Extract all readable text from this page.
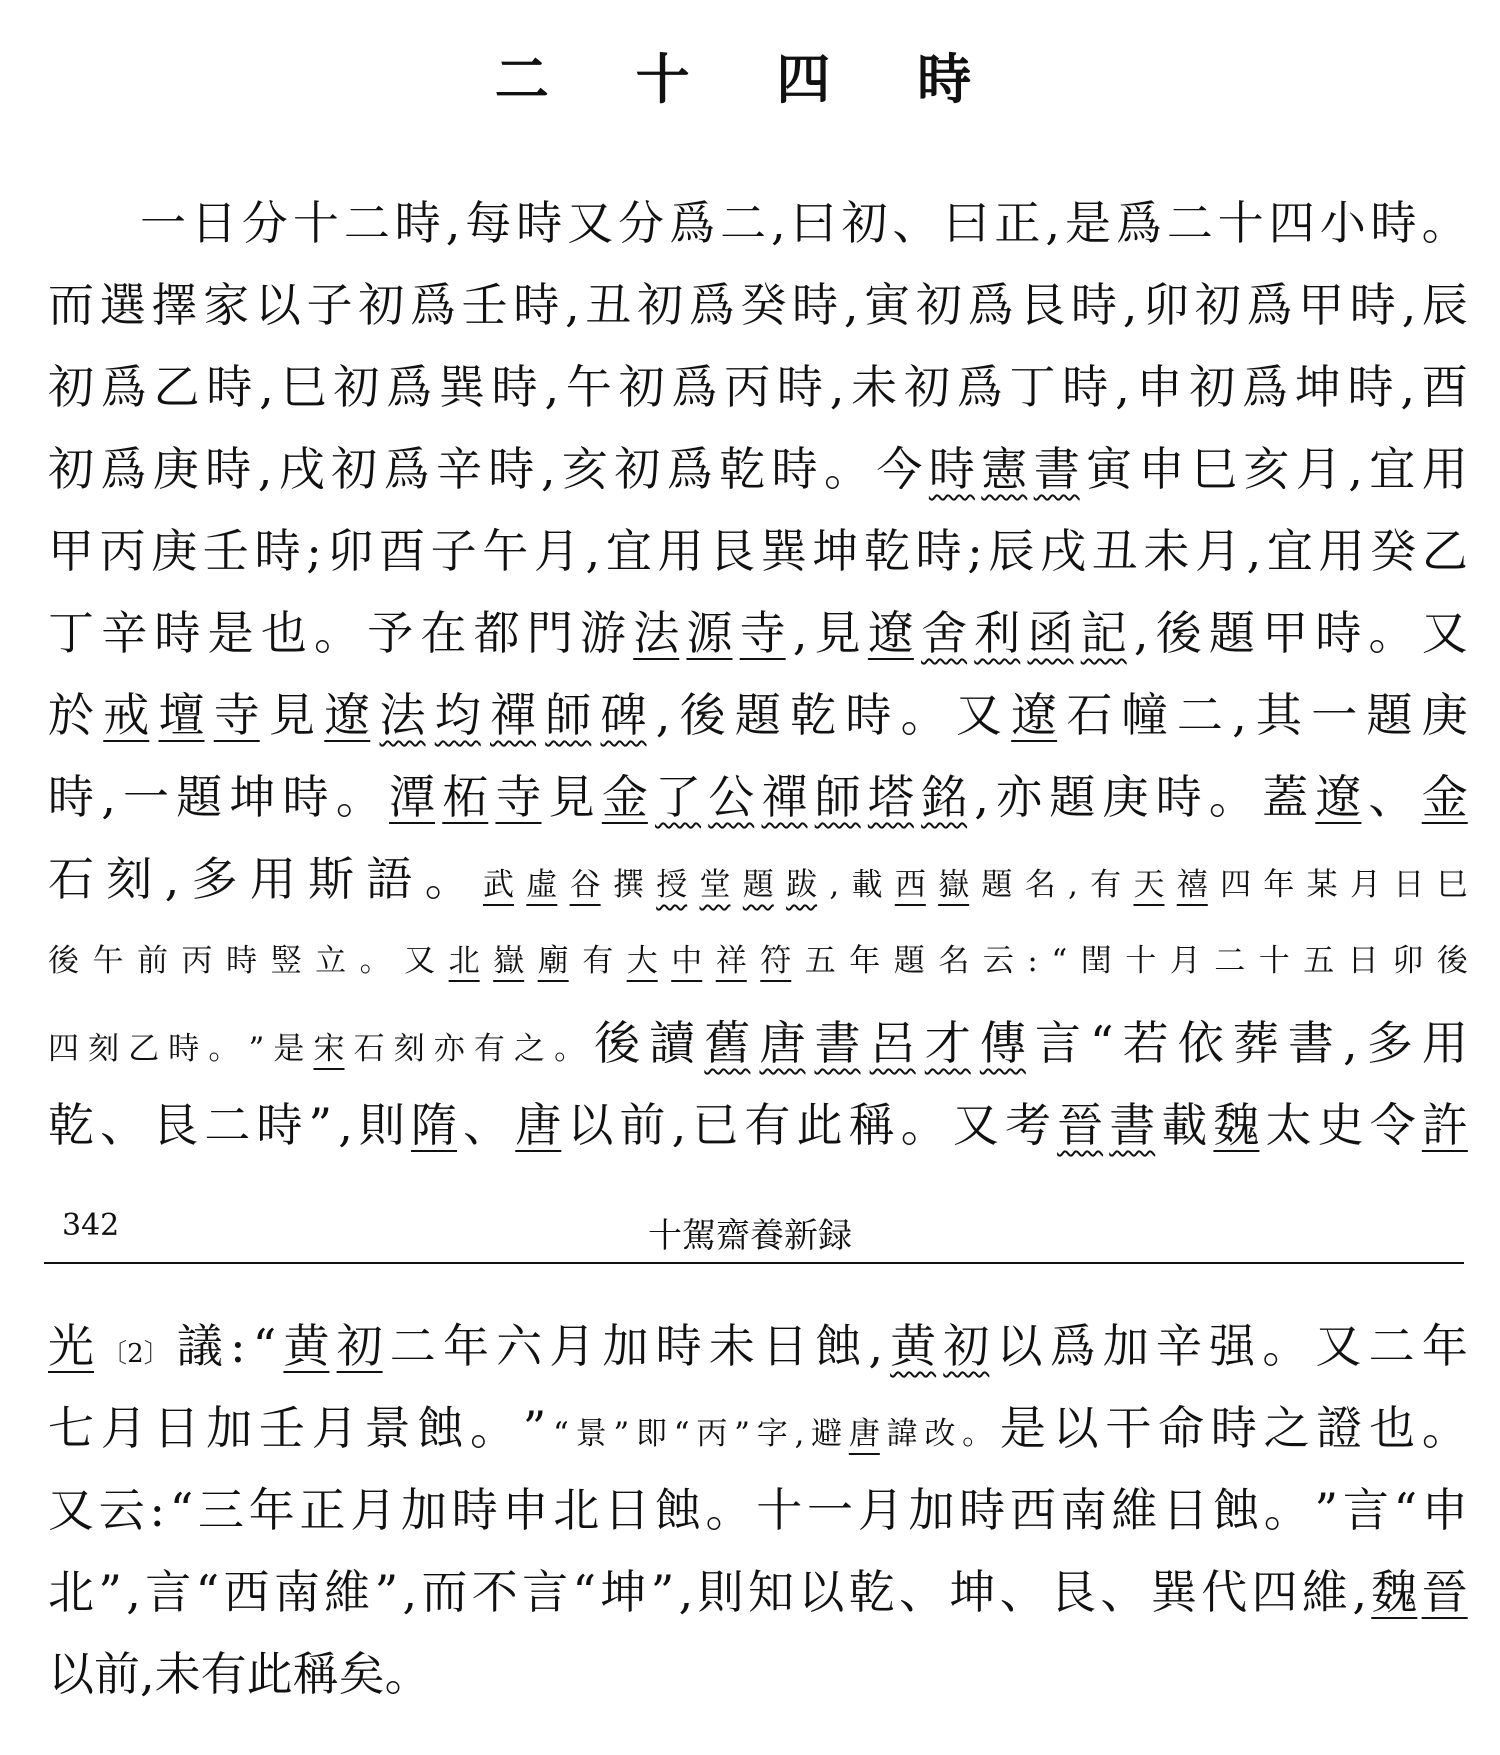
二 十 四 時
一 日 分 十 二 時 , 每 時 又 分 爲 二 , 曰 初 、 曰 正 , 是 爲 二 十 四 小 時 。
而 選 擇 家 以 子 初 爲 壬 時 , 丑 初 爲 癸 時 , 寅 初 爲 艮 時 , 卯 初 爲 甲 時 , 辰
初 爲 乙 時 , 巳 初 爲 巽 時 , 午 初 爲 丙 時 , 未 初 爲 丁 時 , 申 初 爲 坤 時 , 酉
初 爲 庚 時 , 戌 初 爲 辛 時 , 亥 初 爲 乾 時 。 今 時 憲 書 寅 申 巳 亥 月 , 宜 用
甲 丙 庚 壬 時 ; 卯 酉 子 午 月 , 宜 用 艮 巽 坤 乾 時 ; 辰 戌 丑 未 月 , 宜 用 癸 乙
丁 辛 時 是 也 。 予 在 都 門 游 法 源 寺 , 見 遼 舍 利 函 記 , 後 題 甲 時 。 又
於 戒 壇 寺 見 遼 法 均 禪 師 碑 , 後 題 乾 時 。 又 遼 石 幢 二 , 其 一 題 庚
時 , 一 題 坤 時 。 潭 柘 寺 見 金 了 公 禪 師 塔 銘 , 亦 題 庚 時 。 蓋 遼 、 金
石 刻 , 多 用 斯 語 。 武 虛 谷 撰 授 堂 題 跋 , 載 西 嶽 題 名 , 有 天 禧 四 年 某 月 日 巳
後 午 前 丙 時 竪 立 。 又 北 嶽 廟 有 大 中 祥 符 五 年 題 名 云 : “ 閏 十 月 二 十 五 日 卯 後
四 刻 乙 時 。 ” 是 宋 石 刻 亦 有 之 。 後 讀 舊 唐 書 呂 才 傳 言 “ 若 依 葬 書 , 多 用
乾 、 艮 二 時 ” , 則 隋 、 唐 以 前 , 已 有 此 稱 。 又 考 晉 書 載 魏 太 史 令 許
342	十駕齋養新録
光 〔2〕 議 : “ 黄 初 二 年 六 月 加 時 未 日 蝕 , 黄 初 以 爲 加 辛 强 。 又 二 年
七 月 日 加 壬 月 景 蝕 。 ” “ 景 ” 即 “ 丙 ” 字 , 避 唐 諱 改 。 是 以 干 命 時 之 證 也 。
又 云 : “ 三 年 正 月 加 時 申 北 日 蝕 。 十 一 月 加 時 西 南 維 日 蝕 。 ” 言 “ 申
北 ” , 言 “ 西 南 維 ” , 而 不 言 “ 坤 ” , 則 知 以 乾 、 坤 、 艮 、 巽 代 四 維 , 魏 晉
以 前 , 未 有 此 稱 矣 。
